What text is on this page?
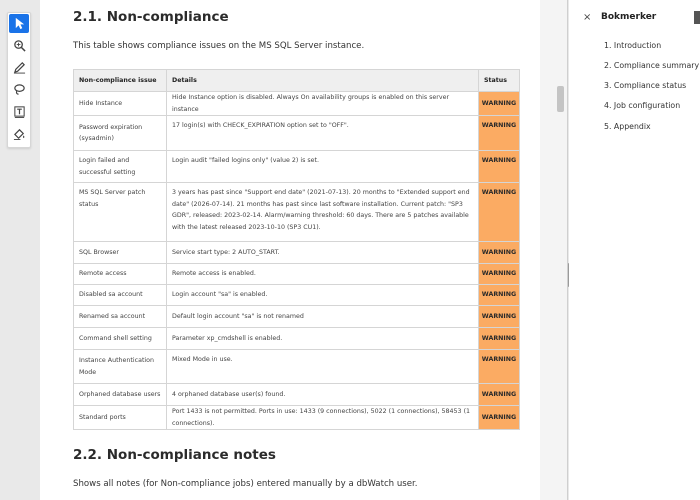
2.1. Non-compliance
This table shows compliance issues on the MS SQL Server instance.
Non-compliance issue	Details	Status
Hide Instance	Hide Instance option is disabled. Always On availability groups is enabled on this server instance	WARNING
Password expiration (sysadmin)	17 login(s) with CHECK_EXPIRATION option set to "OFF".	WARNING
Login failed and successful setting	Login audit "failed logins only" (value 2) is set.	WARNING
MS SQL Server patch status	3 years has past since "Support end date" (2021-07-13). 20 months to "Extended support end date" (2026-07-14). 21 months has past since last software installation. Current patch: "SP3 GDR", released: 2023-02-14. Alarm/warning threshold: 60 days. There are 5 patches available with the latest released 2023-10-10 (SP3 CU1).	WARNING
SQL Browser	Service start type: 2 AUTO_START.	WARNING
Remote access	Remote access is enabled.	WARNING
Disabled sa account	Login account "sa" is enabled.	WARNING
Renamed sa account	Default login account "sa" is not renamed	WARNING
Command shell setting	Parameter xp_cmdshell is enabled.	WARNING
Instance Authentication Mode	Mixed Mode in use.	WARNING
Orphaned database users	4 orphaned database user(s) found.	WARNING
Standard ports	Port 1433 is not permitted. Ports in use: 1433 (9 connections), 5022 (1 connections), 58453 (1 connections).	WARNING
2.2. Non-compliance notes
Shows all notes (for Non-compliance jobs) entered manually by a dbWatch user.
× Bokmerker
1. Introduction
2. Compliance summary
3. Compliance status
4. Job configuration
5. Appendix
